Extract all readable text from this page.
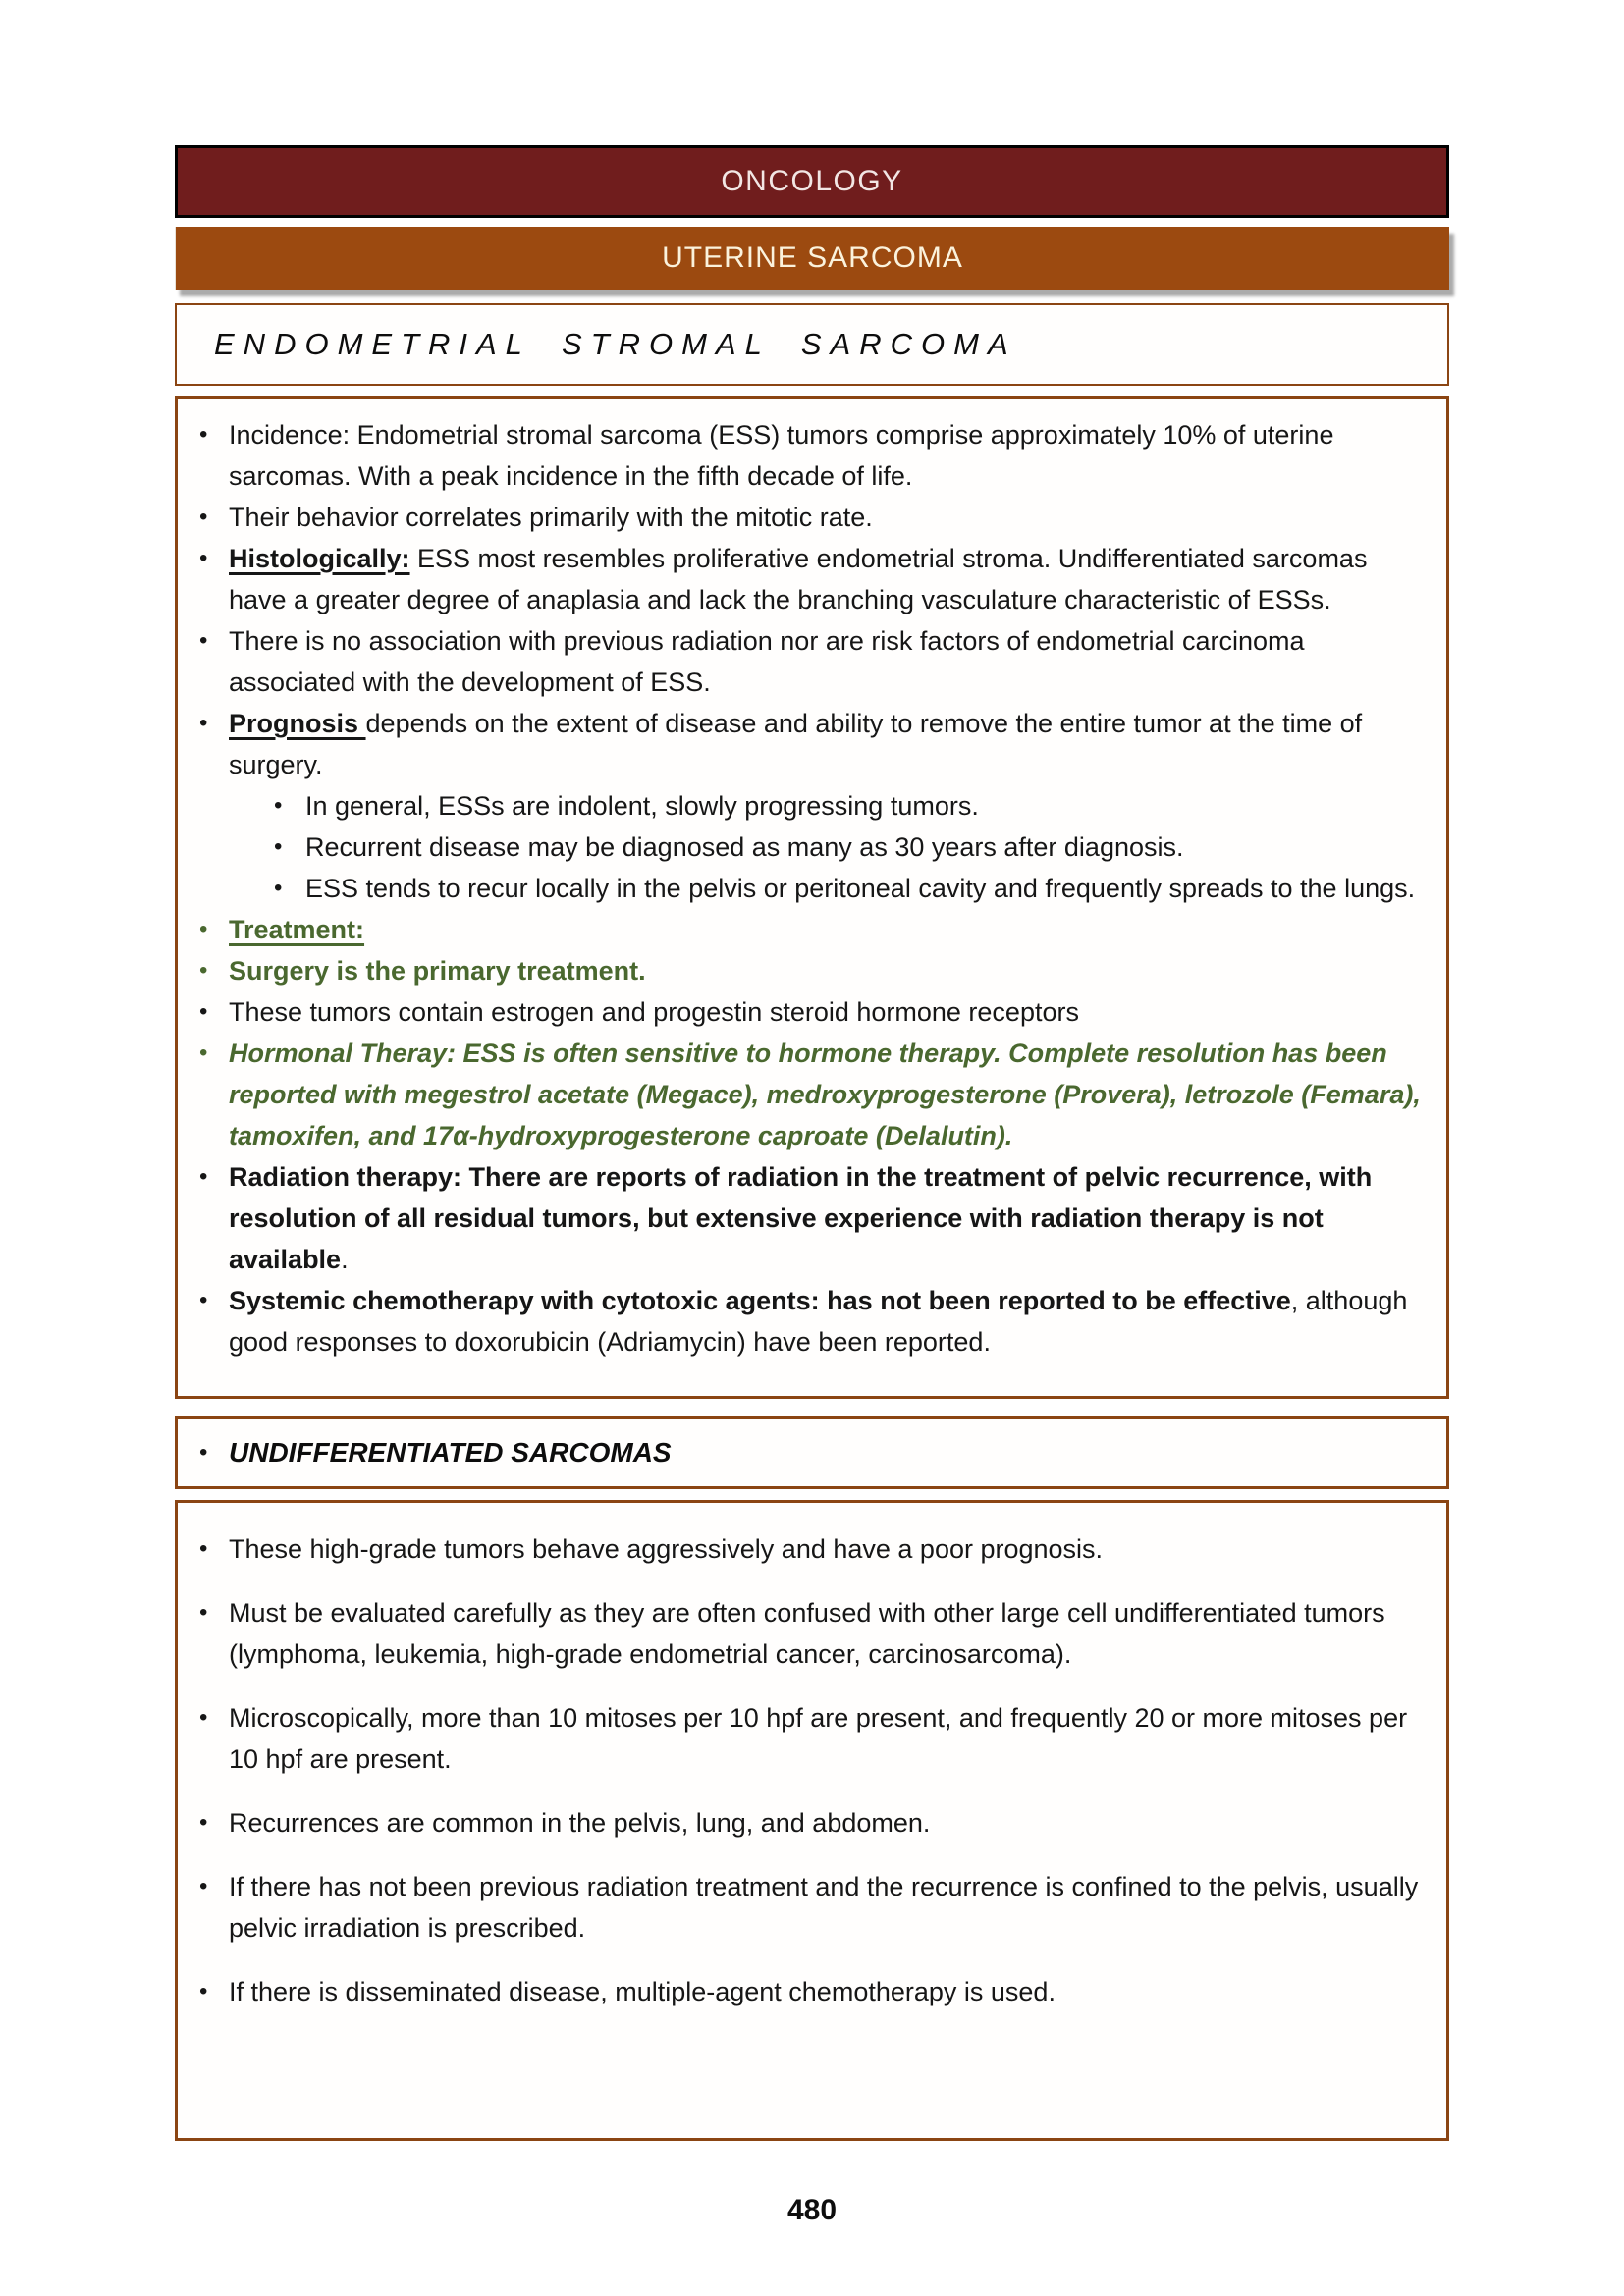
ONCOLOGY
UTERINE SARCOMA
ENDOMETRIAL STROMAL SARCOMA
• Incidence: Endometrial stromal sarcoma (ESS) tumors comprise approximately 10% of uterine sarcomas. With a peak incidence in the fifth decade of life.
• Their behavior correlates primarily with the mitotic rate.
• Histologically: ESS most resembles proliferative endometrial stroma. Undifferentiated sarcomas have a greater degree of anaplasia and lack the branching vasculature characteristic of ESSs.
• There is no association with previous radiation nor are risk factors of endometrial carcinoma associated with the development of ESS.
• Prognosis depends on the extent of disease and ability to remove the entire tumor at the time of surgery.
• In general, ESSs are indolent, slowly progressing tumors.
• Recurrent disease may be diagnosed as many as 30 years after diagnosis.
• ESS tends to recur locally in the pelvis or peritoneal cavity and frequently spreads to the lungs.
• Treatment:
• Surgery is the primary treatment.
• These tumors contain estrogen and progestin steroid hormone receptors
• Hormonal Theray: ESS is often sensitive to hormone therapy. Complete resolution has been reported with megestrol acetate (Megace), medroxyprogesterone (Provera), letrozole (Femara), tamoxifen, and 17α-hydroxyprogesterone caproate (Delalutin).
• Radiation therapy: There are reports of radiation in the treatment of pelvic recurrence, with resolution of all residual tumors, but extensive experience with radiation therapy is not available.
• Systemic chemotherapy with cytotoxic agents: has not been reported to be effective, although good responses to doxorubicin (Adriamycin) have been reported.
• UNDIFFERENTIATED SARCOMAS
• These high-grade tumors behave aggressively and have a poor prognosis.
• Must be evaluated carefully as they are often confused with other large cell undifferentiated tumors (lymphoma, leukemia, high-grade endometrial cancer, carcinosarcoma).
• Microscopically, more than 10 mitoses per 10 hpf are present, and frequently 20 or more mitoses per 10 hpf are present.
• Recurrences are common in the pelvis, lung, and abdomen.
• If there has not been previous radiation treatment and the recurrence is confined to the pelvis, usually pelvic irradiation is prescribed.
• If there is disseminated disease, multiple-agent chemotherapy is used.
480
